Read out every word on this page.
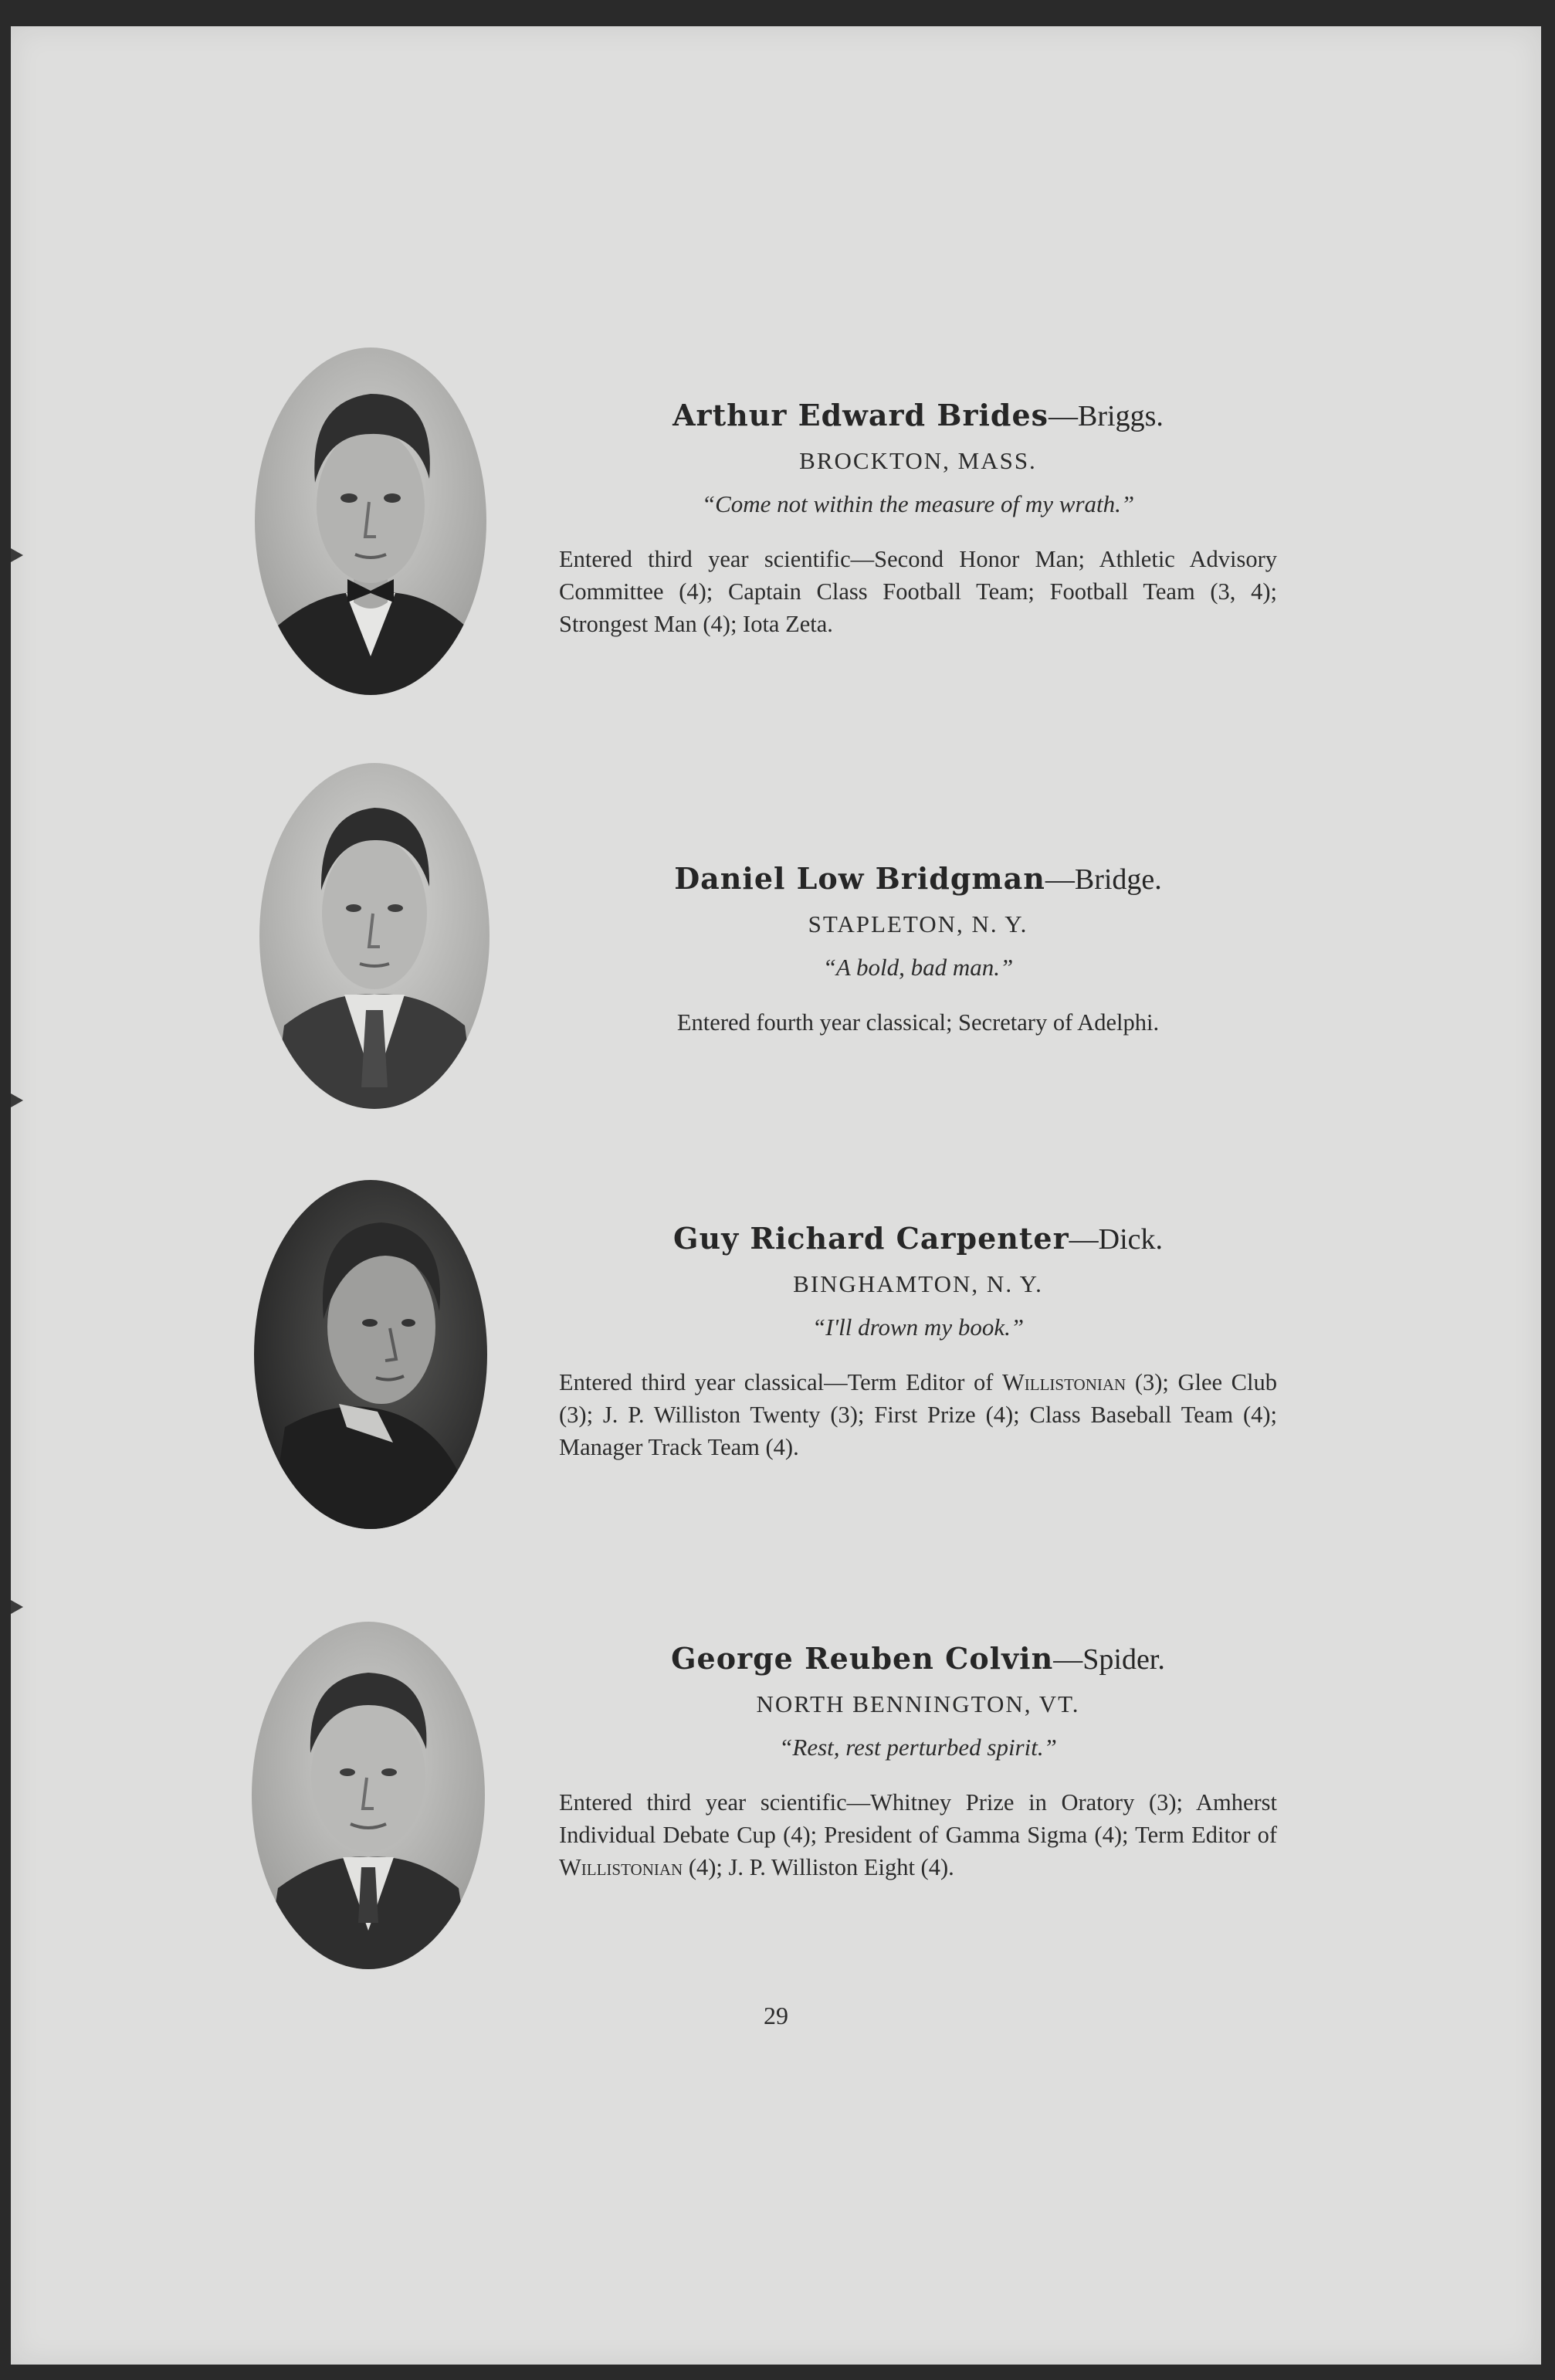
Arthur Edward Brides—Briggs.
BROCKTON, MASS.
“Come not within the measure of my wrath.”
Entered third year scientific—Second Honor Man; Athletic Advisory Committee (4); Captain Class Football Team; Football Team (3, 4); Strongest Man (4); Iota Zeta.
Daniel Low Bridgman—Bridge.
STAPLETON, N. Y.
“A bold, bad man.”
Entered fourth year classical; Secretary of Adelphi.
Guy Richard Carpenter—Dick.
BINGHAMTON, N. Y.
“I'll drown my book.”
Entered third year classical—Term Editor of Willistonian (3); Glee Club (3); J. P. Williston Twenty (3); First Prize (4); Class Baseball Team (4); Manager Track Team (4).
George Reuben Colvin—Spider.
NORTH BENNINGTON, VT.
“Rest, rest perturbed spirit.”
Entered third year scientific—Whitney Prize in Oratory (3); Amherst Individual Debate Cup (4); President of Gamma Sigma (4); Term Editor of Willistonian (4); J. P. Williston Eight (4).
29
